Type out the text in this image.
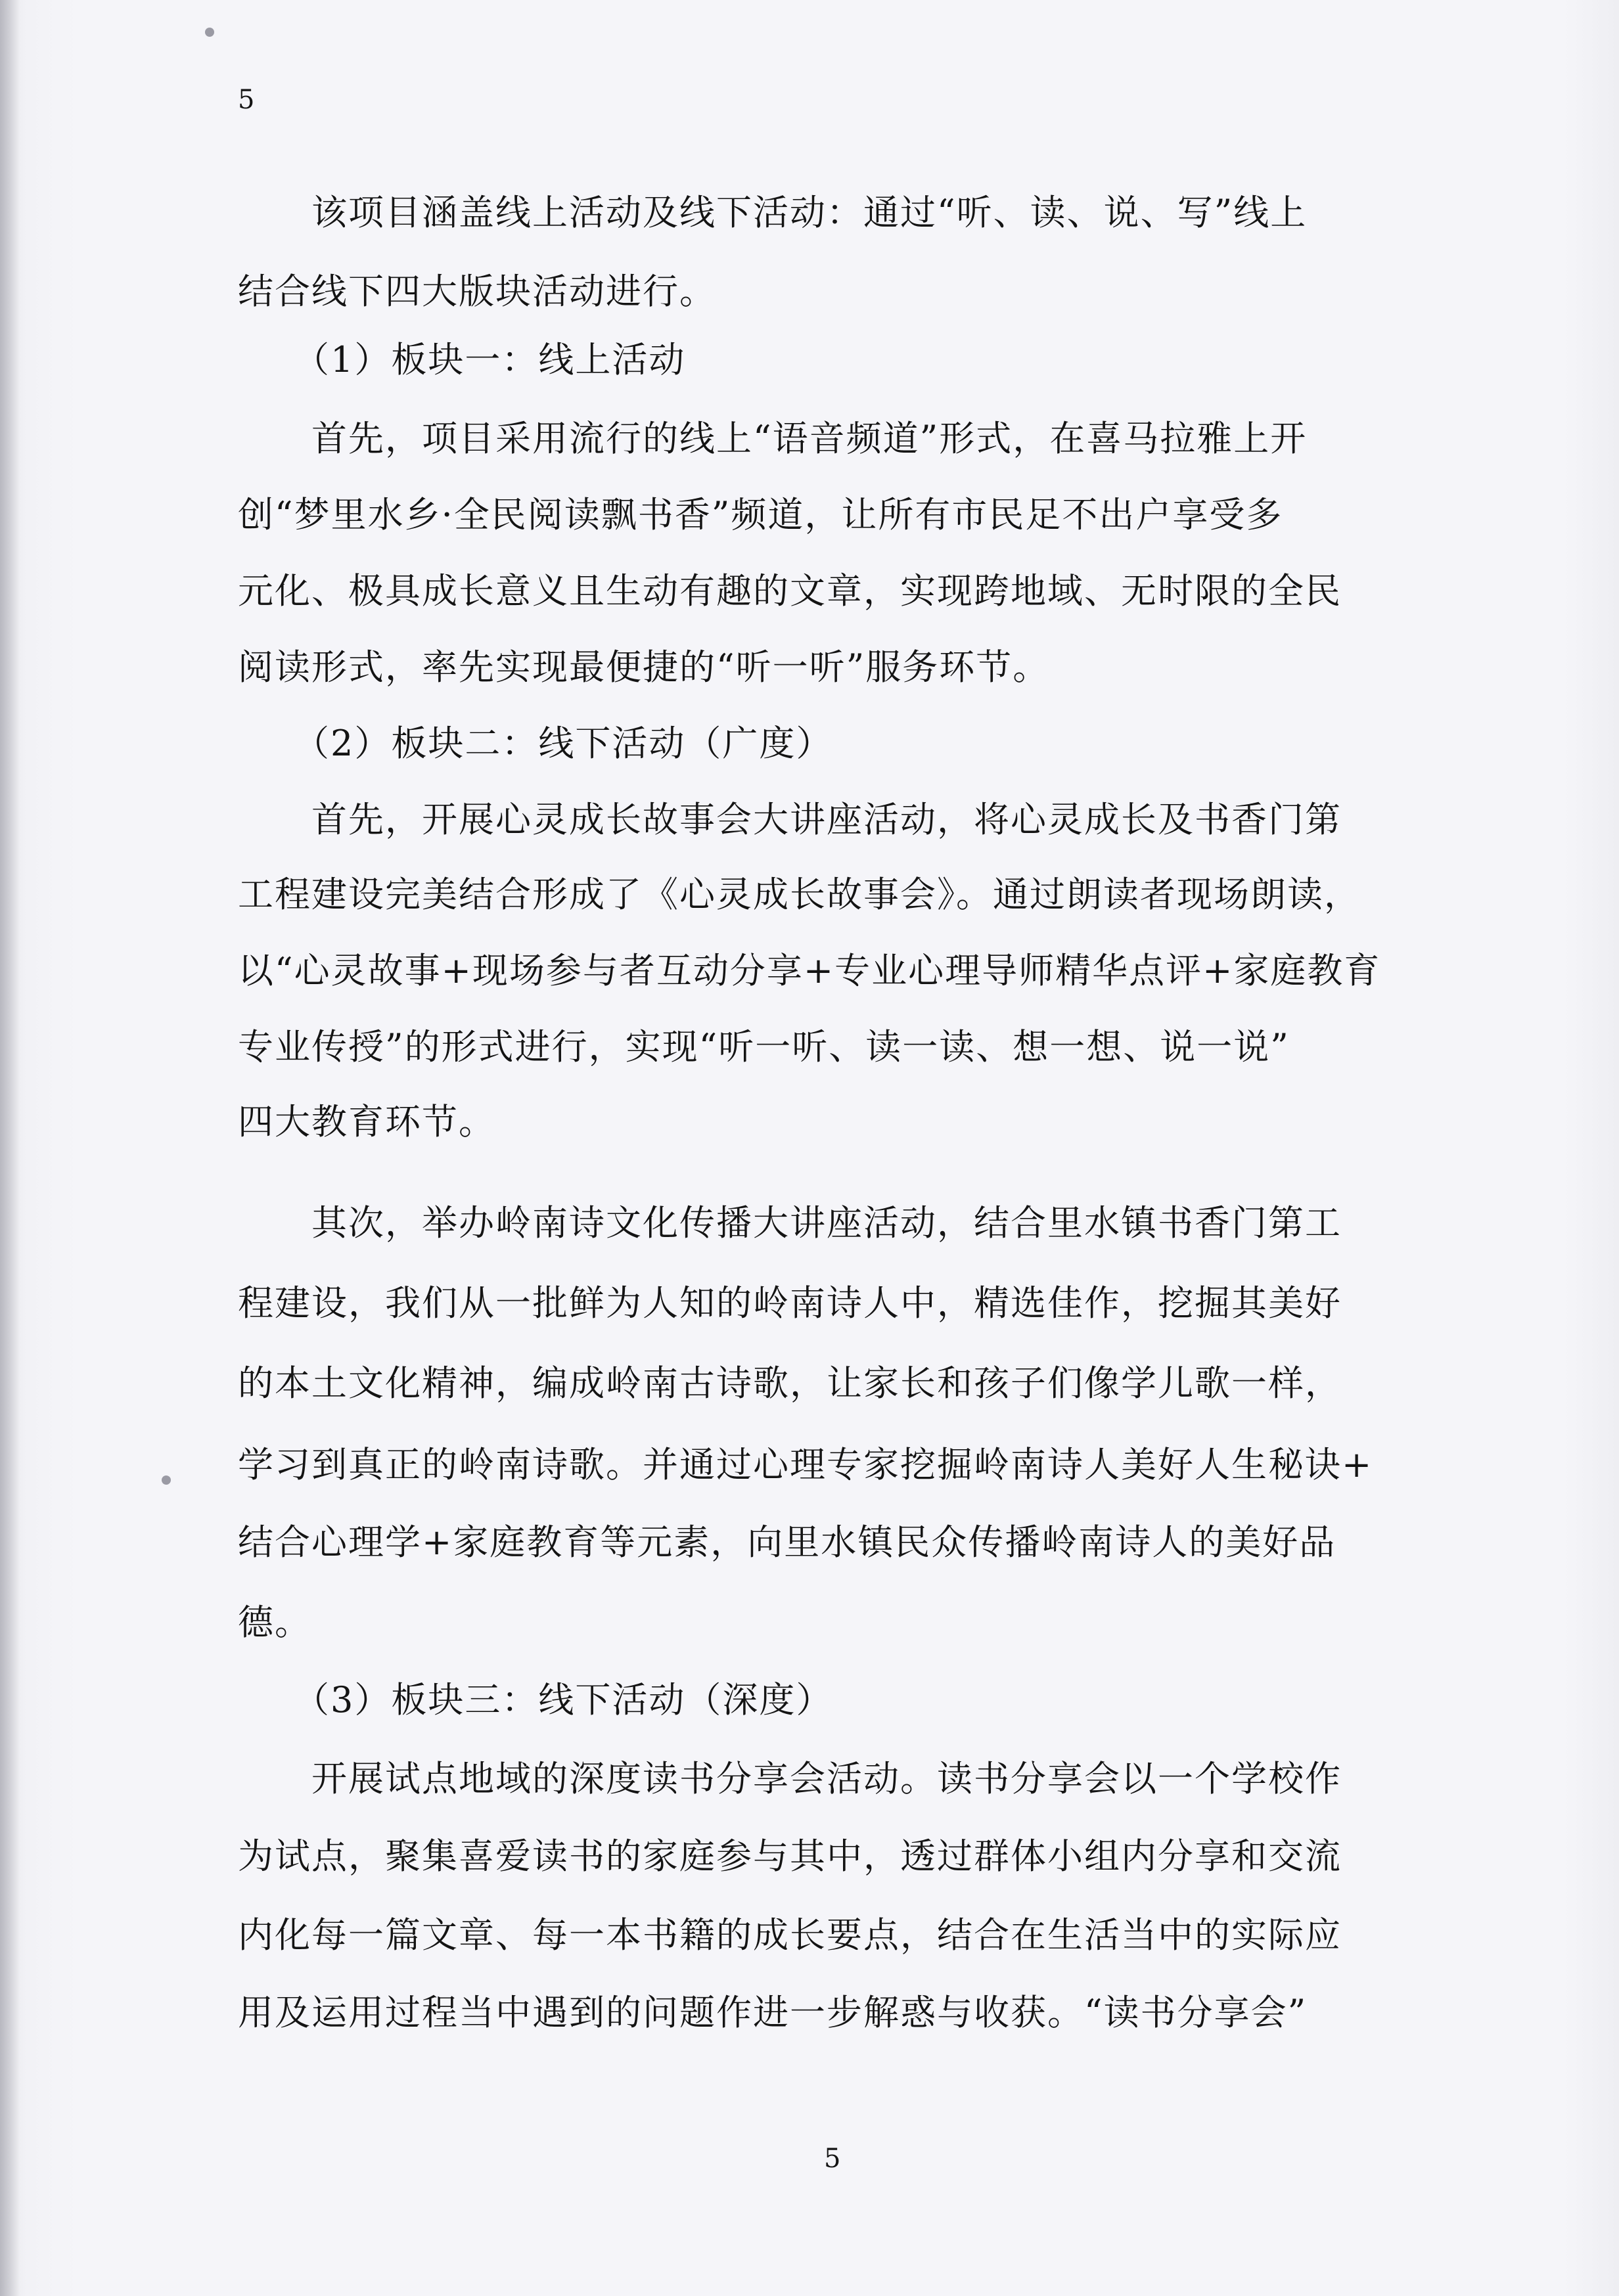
5
　　该项目涵盖线上活动及线下活动：通过“听、读、说、写”线上
结合线下四大版块活动进行。
　　（1）板块一：线上活动
　　首先，项目采用流行的线上“语音频道”形式，在喜马拉雅上开
创“梦里水乡·全民阅读飘书香”频道，让所有市民足不出户享受多
元化、极具成长意义且生动有趣的文章，实现跨地域、无时限的全民
阅读形式，率先实现最便捷的“听一听”服务环节。
　　（2）板块二：线下活动（广度）
　　首先，开展心灵成长故事会大讲座活动，将心灵成长及书香门第
工程建设完美结合形成了《心灵成长故事会》。通过朗读者现场朗读，
以“心灵故事+现场参与者互动分享+专业心理导师精华点评+家庭教育
专业传授”的形式进行，实现“听一听、读一读、想一想、说一说”
四大教育环节。
　　其次，举办岭南诗文化传播大讲座活动，结合里水镇书香门第工
程建设，我们从一批鲜为人知的岭南诗人中，精选佳作，挖掘其美好
的本土文化精神，编成岭南古诗歌，让家长和孩子们像学儿歌一样，
学习到真正的岭南诗歌。并通过心理专家挖掘岭南诗人美好人生秘诀+
结合心理学+家庭教育等元素，向里水镇民众传播岭南诗人的美好品
德。
　　（3）板块三：线下活动（深度）
　　开展试点地域的深度读书分享会活动。读书分享会以一个学校作
为试点，聚集喜爱读书的家庭参与其中，透过群体小组内分享和交流
内化每一篇文章、每一本书籍的成长要点，结合在生活当中的实际应
用及运用过程当中遇到的问题作进一步解惑与收获。“读书分享会”
5
